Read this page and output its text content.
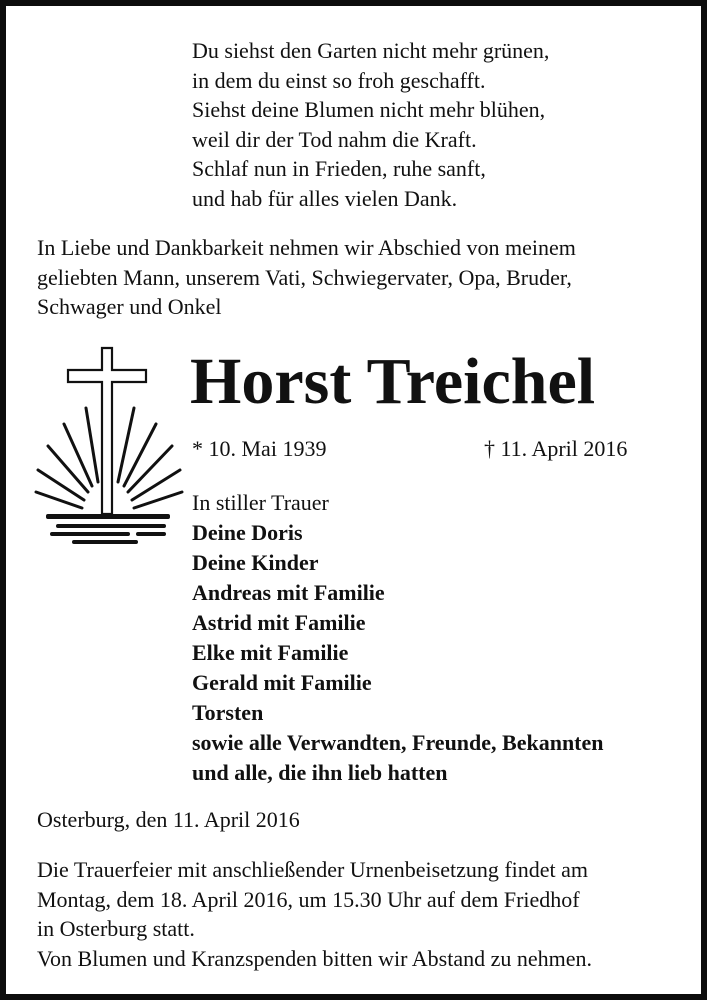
Du siehst den Garten nicht mehr grünen,
in dem du einst so froh geschafft.
Siehst deine Blumen nicht mehr blühen,
weil dir der Tod nahm die Kraft.
Schlaf nun in Frieden, ruhe sanft,
und hab für alles vielen Dank.
In Liebe und Dankbarkeit nehmen wir Abschied von meinem
geliebten Mann, unserem Vati, Schwiegervater, Opa, Bruder,
Schwager und Onkel
Horst Treichel
* 10. Mai 1939	† 11. April 2016
In stiller Trauer
Deine Doris
Deine Kinder
Andreas mit Familie
Astrid mit Familie
Elke mit Familie
Gerald mit Familie
Torsten
sowie alle Verwandten, Freunde, Bekannten
und alle, die ihn lieb hatten
Osterburg, den 11. April 2016
Die Trauerfeier mit anschließender Urnenbeisetzung findet am
Montag, dem 18. April 2016, um 15.30 Uhr auf dem Friedhof
in Osterburg statt.
Von Blumen und Kranzspenden bitten wir Abstand zu nehmen.
